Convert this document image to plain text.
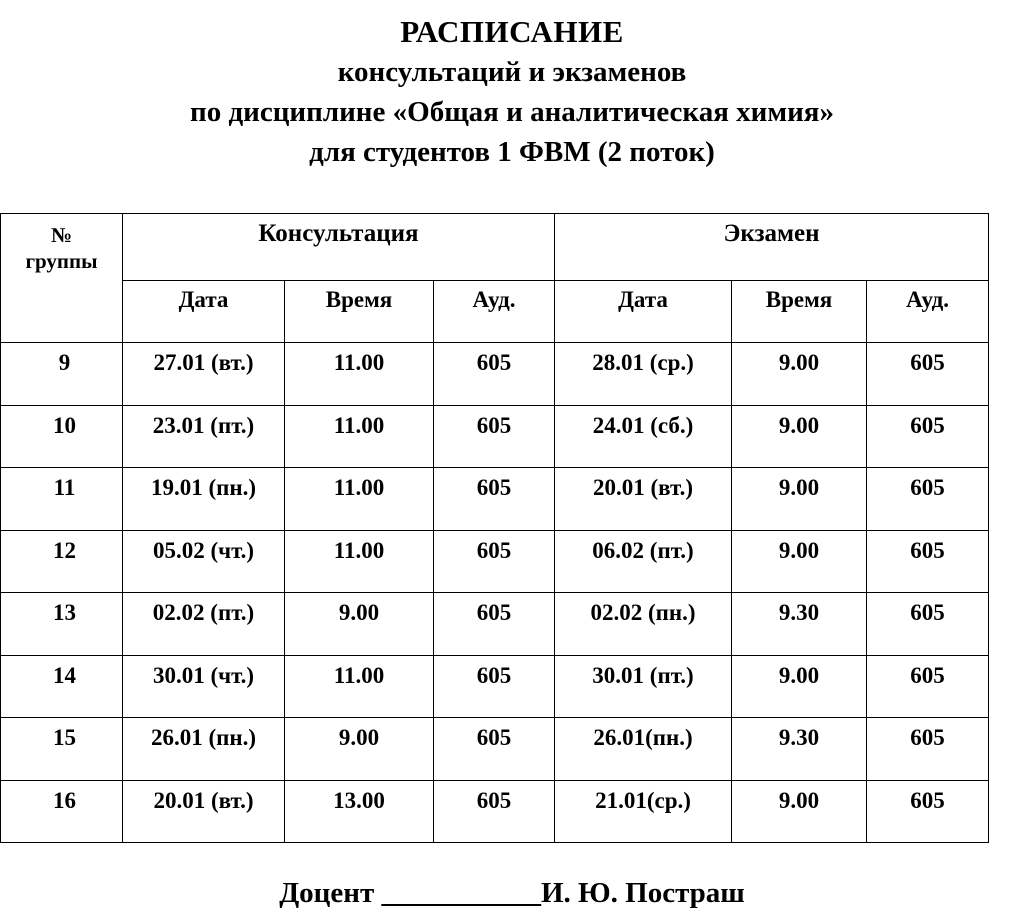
РАСПИСАНИЕ
консультаций и экзаменов
по дисциплине «Общая и аналитическая химия»
для студентов 1 ФВМ (2 поток)
№
группы	Консультация			Экзамен		
	Дата	Время	Ауд.	Дата	Время	Ауд.
9	27.01 (вт.)	11.00	605	28.01 (ср.)	9.00	605
10	23.01 (пт.)	11.00	605	24.01 (сб.)	9.00	605
11	19.01 (пн.)	11.00	605	20.01 (вт.)	9.00	605
12	05.02 (чт.)	11.00	605	06.02 (пт.)	9.00	605
13	02.02 (пт.)	9.00	605	02.02 (пн.)	9.30	605
14	30.01 (чт.)	11.00	605	30.01 (пт.)	9.00	605
15	26.01 (пн.)	9.00	605	26.01(пн.)	9.30	605
16	20.01 (вт.)	13.00	605	21.01(ср.)	9.00	605
Доцент ___________И. Ю. Постраш
